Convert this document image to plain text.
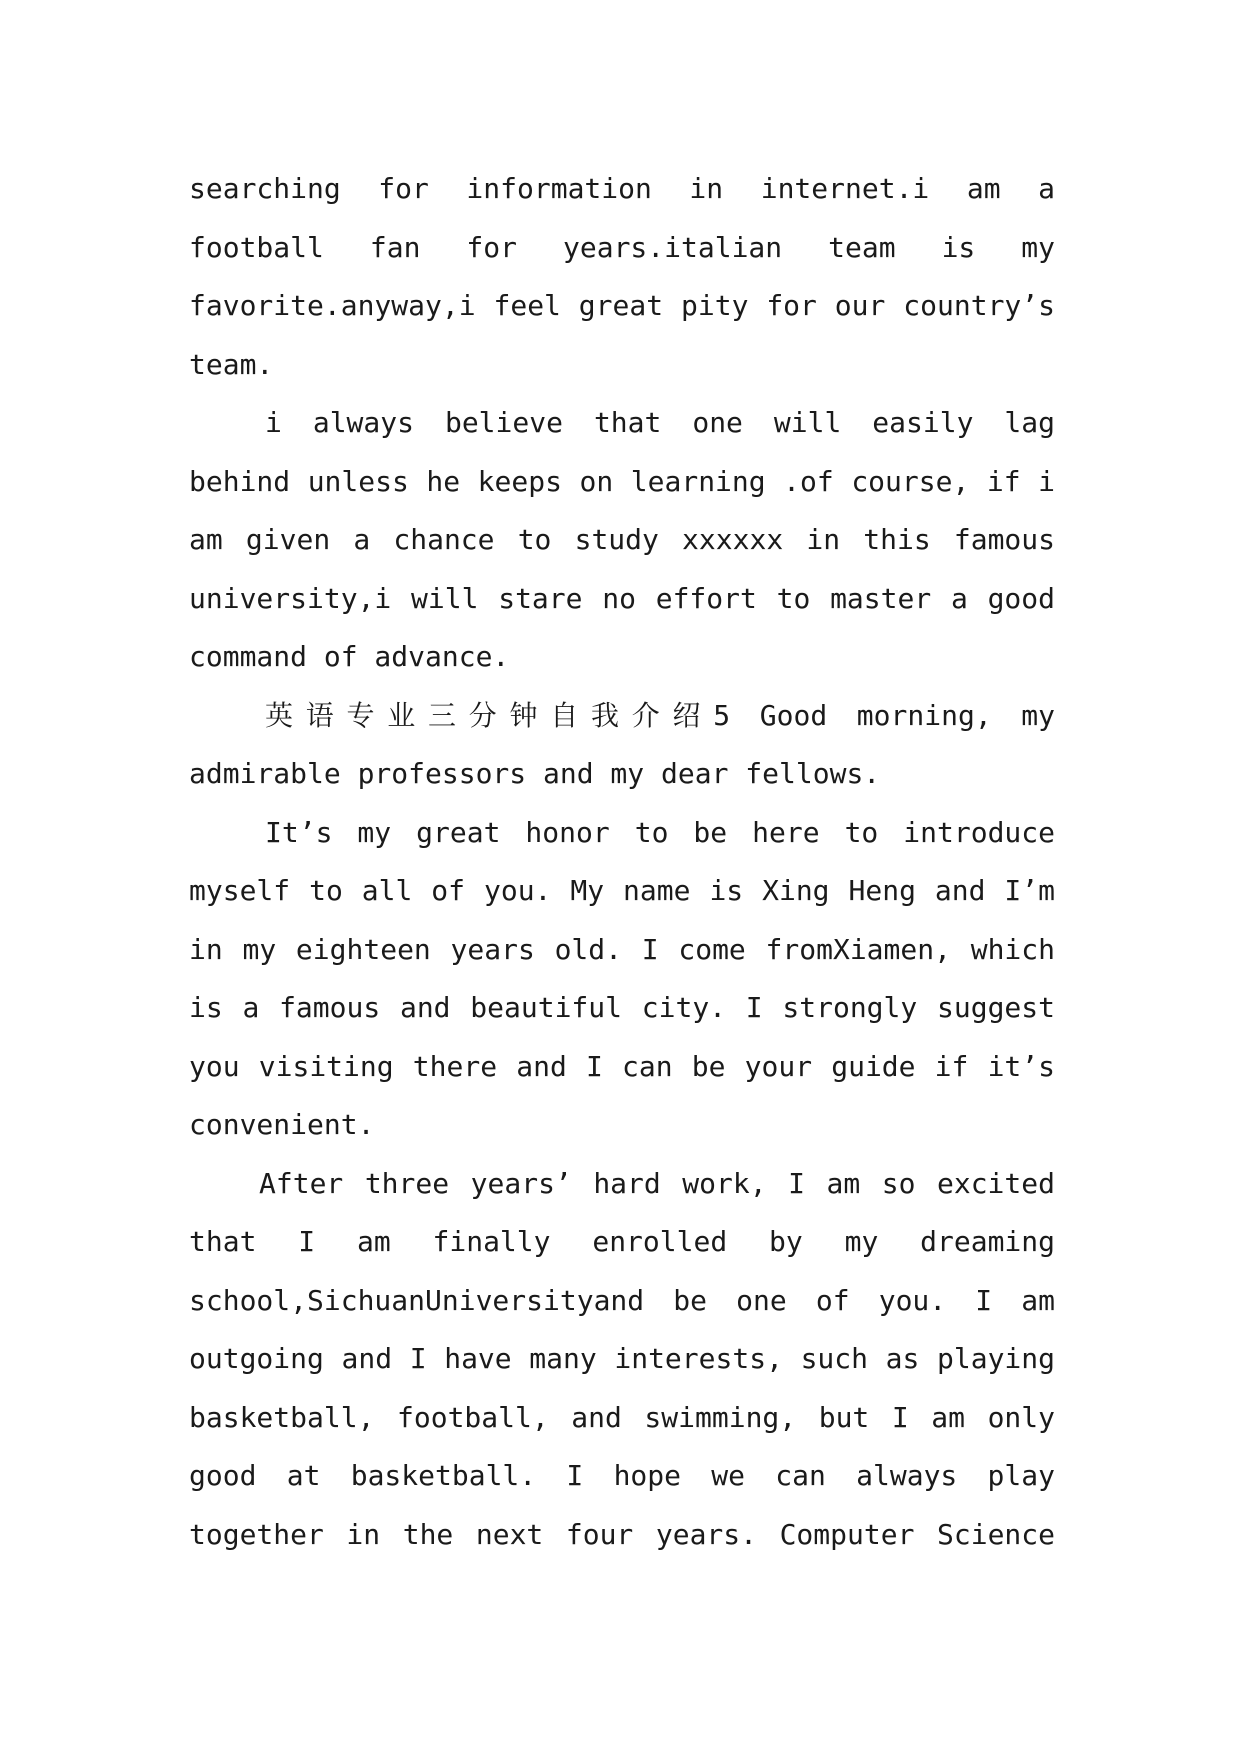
searching for information in internet.i am a
football fan for years.italian team is my
favorite.anyway,i feel great pity for our country’s
team.
i always believe that one will easily lag
behind unless he keeps on learning .of course, if i
am given a chance to study xxxxxx in this famous
university,i will stare no effort to master a good
command of advance.
英语专业三分钟自我介绍5 Good morning, my
admirable professors and my dear fellows.
It’s my great honor to be here to introduce
myself to all of you. My name is Xing Heng and I’m
in my eighteen years old. I come fromXiamen, which
is a famous and beautiful city. I strongly suggest
you visiting there and I can be your guide if it’s
convenient.
After three years’ hard work, I am so excited
that I am finally enrolled by my dreaming
school,SichuanUniversityand be one of you. I am
outgoing and I have many interests, such as playing
basketball, football, and swimming, but I am only
good at basketball. I hope we can always play
together in the next four years. Computer Science
